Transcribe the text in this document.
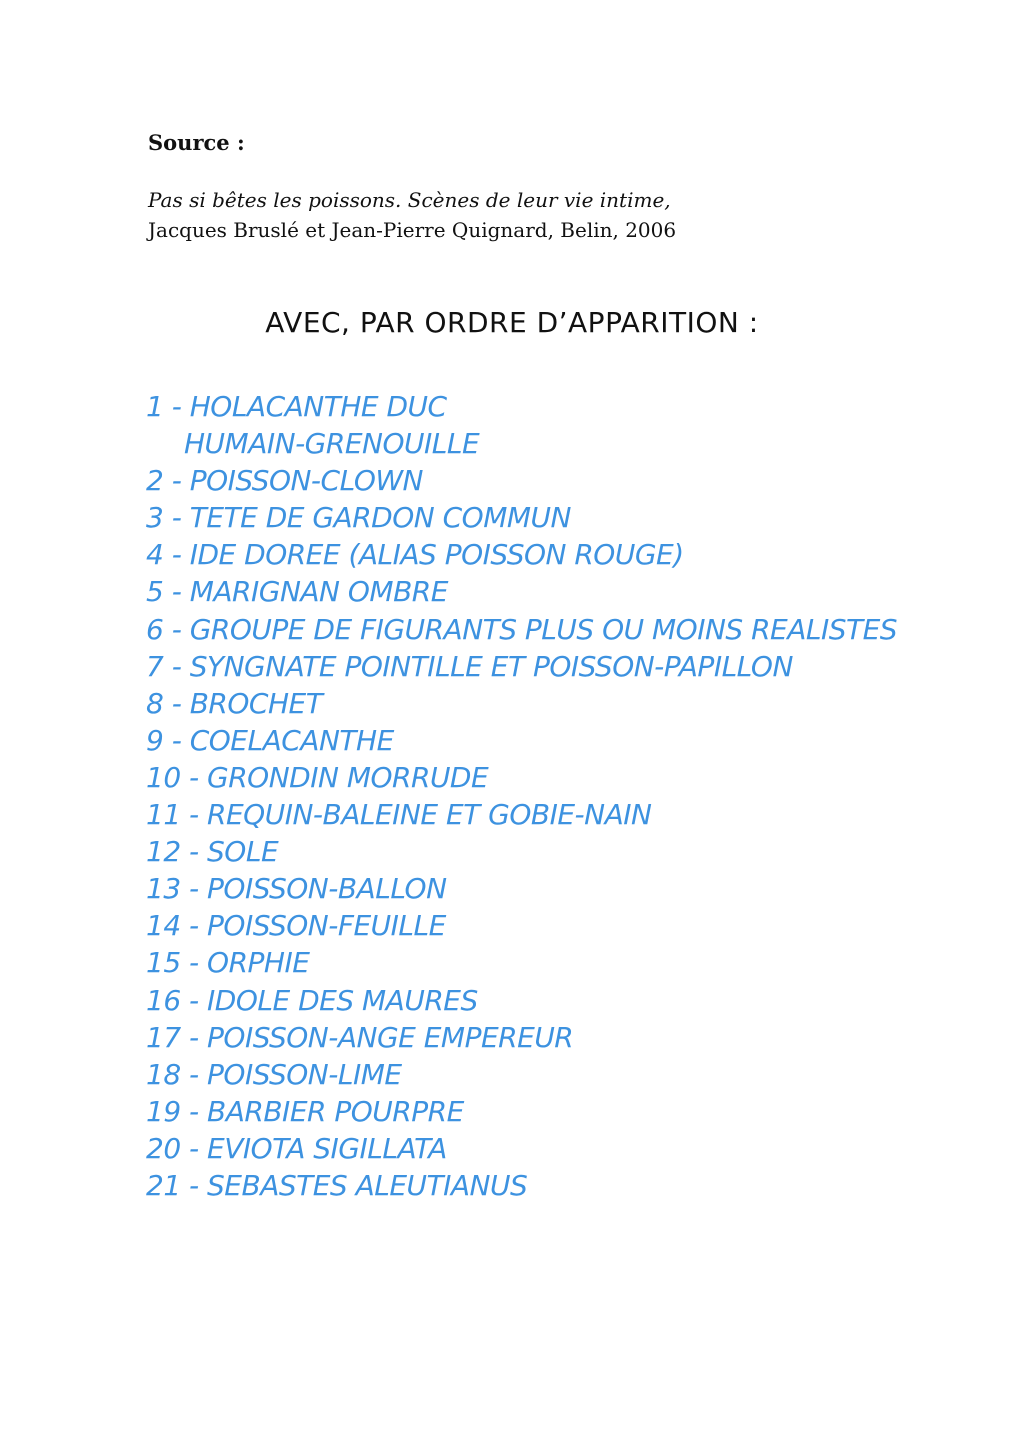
Source :
Pas si bêtes les poissons. Scènes de leur vie intime,
Jacques Bruslé et Jean-Pierre Quignard, Belin, 2006
AVEC, PAR ORDRE D’APPARITION :
1 - HOLACANTHE DUC
HUMAIN-GRENOUILLE
2 - POISSON-CLOWN
3 - TETE DE GARDON COMMUN
4 - IDE DOREE (ALIAS POISSON ROUGE)
5 - MARIGNAN OMBRE
6 - GROUPE DE FIGURANTS PLUS OU MOINS REALISTES
7 - SYNGNATE POINTILLE ET POISSON-PAPILLON
8 - BROCHET
9 - COELACANTHE
10 - GRONDIN MORRUDE
11 - REQUIN-BALEINE ET GOBIE-NAIN
12 - SOLE
13 - POISSON-BALLON
14 - POISSON-FEUILLE
15 - ORPHIE
16 - IDOLE DES MAURES
17 - POISSON-ANGE EMPEREUR
18 - POISSON-LIME
19 - BARBIER POURPRE
20 - EVIOTA SIGILLATA
21 - SEBASTES ALEUTIANUS
